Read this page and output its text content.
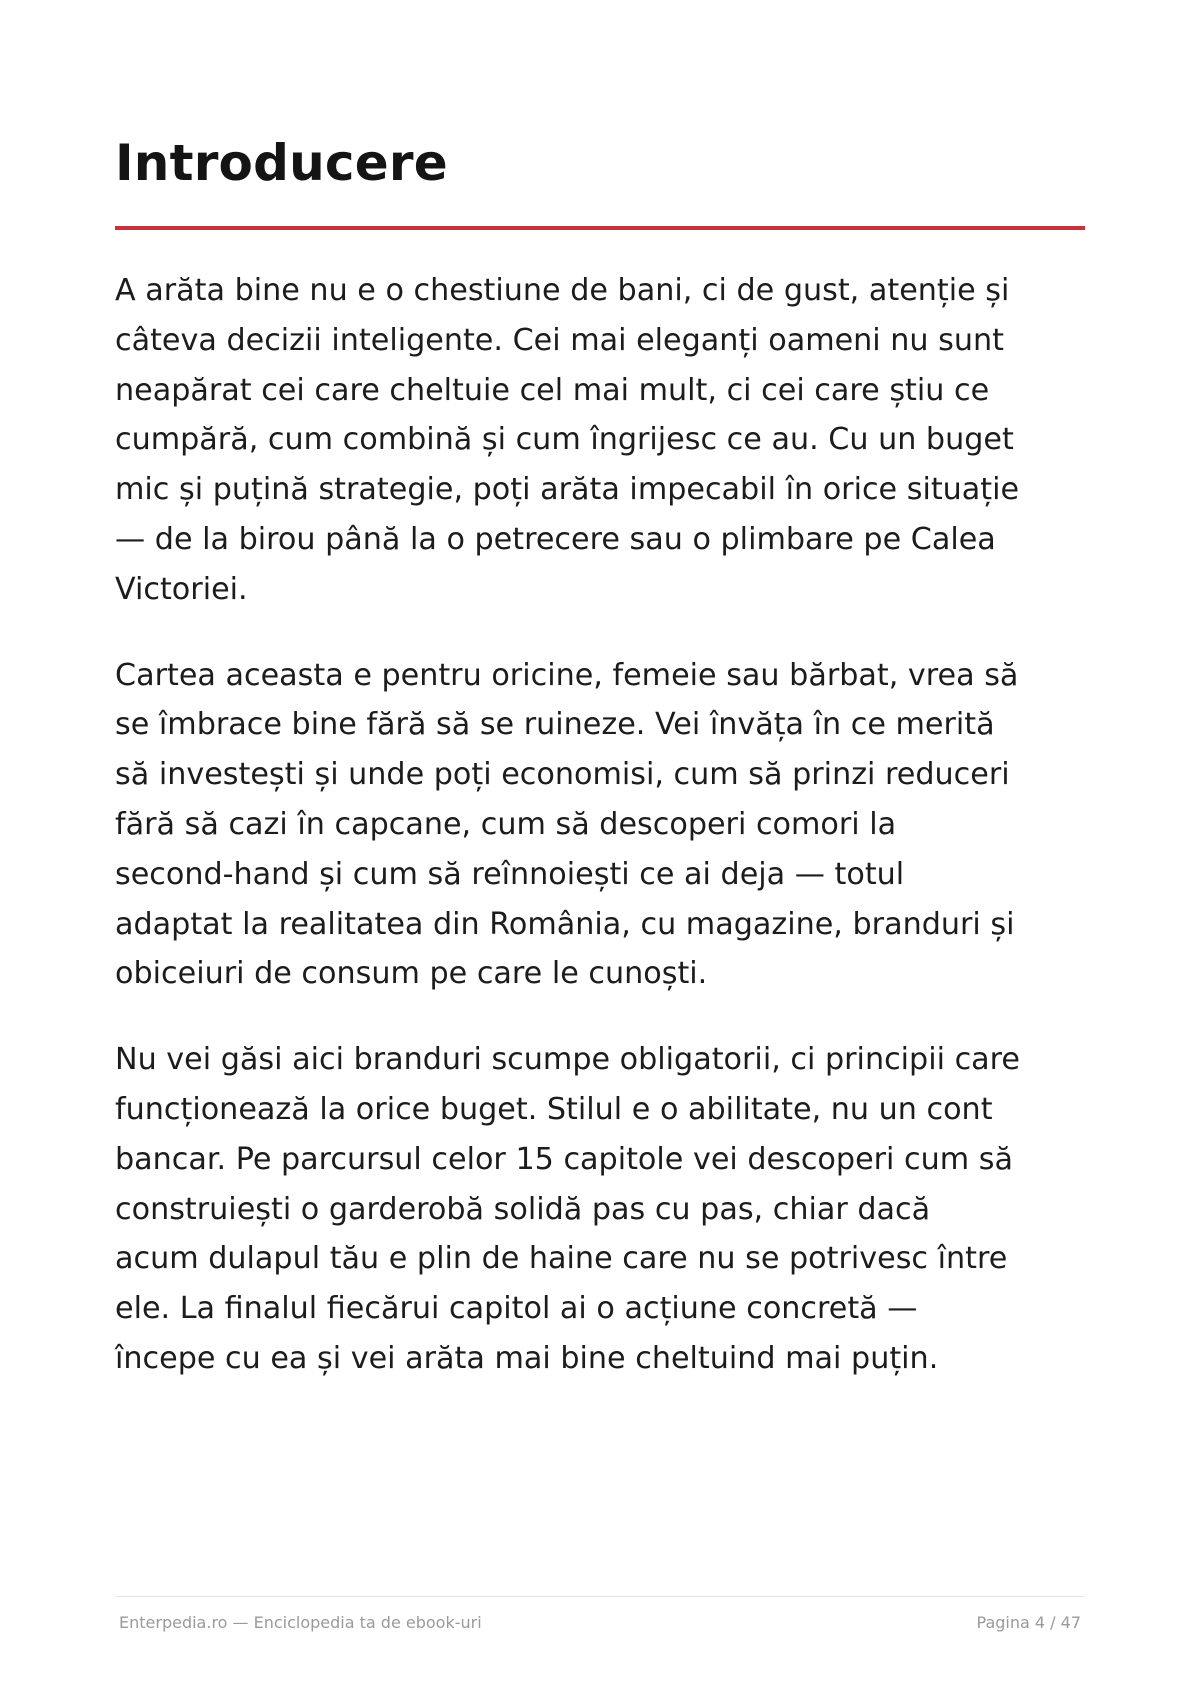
Introducere

A arăta bine nu e o chestiune de bani, ci de gust, atenție și
câteva decizii inteligente. Cei mai eleganți oameni nu sunt
neapărat cei care cheltuie cel mai mult, ci cei care știu ce
cumpără, cum combină și cum îngrijesc ce au. Cu un buget
mic și puțină strategie, poți arăta impecabil în orice situație
— de la birou până la o petrecere sau o plimbare pe Calea
Victoriei.

Cartea aceasta e pentru oricine, femeie sau bărbat, vrea să
se îmbrace bine fără să se ruineze. Vei învăța în ce merită
să investești și unde poți economisi, cum să prinzi reduceri
fără să cazi în capcane, cum să descoperi comori la
second-hand și cum să reînnoiești ce ai deja — totul
adaptat la realitatea din România, cu magazine, branduri și
obiceiuri de consum pe care le cunoști.

Nu vei găsi aici branduri scumpe obligatorii, ci principii care
funcționează la orice buget. Stilul e o abilitate, nu un cont
bancar. Pe parcursul celor 15 capitole vei descoperi cum să
construiești o garderobă solidă pas cu pas, chiar dacă
acum dulapul tău e plin de haine care nu se potrivesc între
ele. La finalul fiecărui capitol ai o acțiune concretă —
începe cu ea și vei arăta mai bine cheltuind mai puțin.

Enterpedia.ro — Enciclopedia ta de ebook-uri	Pagina 4 / 47
